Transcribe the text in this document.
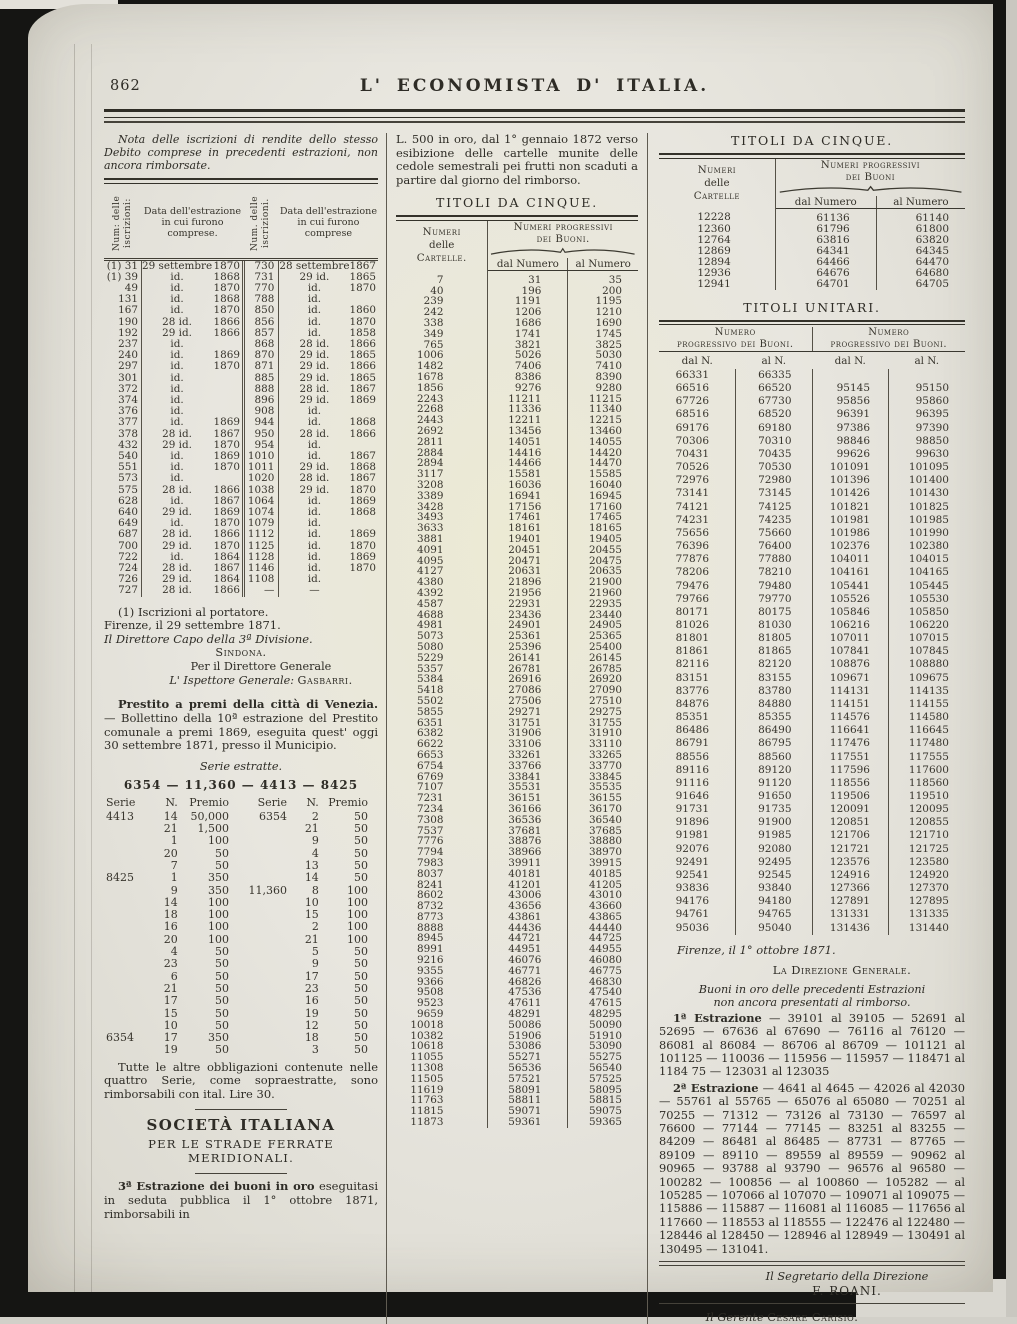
862	L' ECONOMISTA D' ITALIA.

Nota delle iscrizioni di rendite dello stesso Debito comprese in precedenti estrazioni, non ancora rimborsate.

Num: delle iscrizioni:	Data dell'estrazione in cui furono comprese.		Num. delle iscrizioni.	Data dell'estrazione in cui furono comprese	
(1) 31	29 settembre	1870	730	28 settembre	1867
(1) 39	id.	1868	731	29 id.	1865
49	id.	1870	770	id.	1870
131	id.	1868	788	id.	
167	id.	1870	850	id.	1860
190	28 id.	1866	856	id.	1870
192	29 id.	1866	857	id.	1858
237	id.		868	28 id.	1866
240	id.	1869	870	29 id.	1865
297	id.	1870	871	29 id.	1866
301	id.		885	29 id.	1865
372	id.		888	28 id.	1867
374	id.		896	29 id.	1869
376	id.		908	id.	
377	id.	1869	944	id.	1868
378	28 id.	1867	950	28 id.	1866
432	29 id.	1870	954	id.	
540	id.	1869	1010	id.	1867
551	id.	1870	1011	29 id.	1868
573	id.		1020	28 id.	1867
575	28 id.	1866	1038	29 id.	1870
628	id.	1867	1064	id.	1869
640	29 id.	1869	1074	id.	1868
649	id.	1870	1079	id.	
687	28 id.	1866	1112	id.	1869
700	29 id.	1870	1125	id.	1870
722	id.	1864	1128	id.	1869
724	28 id.	1867	1146	id.	1870
726	29 id.	1864	1108	id.	
727	28 id.	1866	—	—	

(1) Iscrizioni al portatore.

Firenze, il 29 settembre 1871.

Il Direttore Capo della 3ª Divisione.

Sindona.

Per il Direttore Generale

L' Ispettore Generale: Gasbarri.

Prestito a premi della città di Venezia. — Bollettino della 10ª estrazione del Prestito comunale a premi 1869, eseguita quest' oggi 30 settembre 1871, presso il Municipio.

Serie estratte.

6354 — 11,360 — 4413 — 8425

Serie	N.	Premio	Serie	N.	Premio
4413	14	50,000	6354	2	50
	21	1,500		21	50
	1	100		9	50
	20	50		4	50
	7	50		13	50
8425	1	350		14	50
	9	350	11,360	8	100
	14	100		10	100
	18	100		15	100
	16	100		2	100
	20	100		21	100
	4	50		5	50
	23	50		9	50
	6	50		17	50
	21	50		23	50
	17	50		16	50
	15	50		19	50
	10	50		12	50
6354	17	350		18	50
	19	50		3	50

Tutte le altre obbligazioni contenute nelle quattro Serie, come sopraestratte, sono rimborsabili con ital. Lire 30.

SOCIETÀ ITALIANA

PER LE STRADE FERRATE MERIDIONALI.

3ª Estrazione dei buoni in oro eseguitasi in seduta pubblica il 1° ottobre 1871, rimborsabili in

L. 500 in oro, dal 1° gennaio 1872 verso esibizione delle cartelle munite delle cedole semestrali pei frutti non scaduti a partire dal giorno del rimborso.

TITOLI DA CINQUE.

Numeri
delle
Cartelle.	Numeri progressivi
dei Buoni.	

	dal Numero	al Numero
7	31	35
40	196	200
239	1191	1195
242	1206	1210
338	1686	1690
349	1741	1745
765	3821	3825
1006	5026	5030
1482	7406	7410
1678	8386	8390
1856	9276	9280
2243	11211	11215
2268	11336	11340
2443	12211	12215
2692	13456	13460
2811	14051	14055
2884	14416	14420
2894	14466	14470
3117	15581	15585
3208	16036	16040
3389	16941	16945
3428	17156	17160
3493	17461	17465
3633	18161	18165
3881	19401	19405
4091	20451	20455
4095	20471	20475
4127	20631	20635
4380	21896	21900
4392	21956	21960
4587	22931	22935
4688	23436	23440
4981	24901	24905
5073	25361	25365
5080	25396	25400
5229	26141	26145
5357	26781	26785
5384	26916	26920
5418	27086	27090
5502	27506	27510
5855	29271	29275
6351	31751	31755
6382	31906	31910
6622	33106	33110
6653	33261	33265
6754	33766	33770
6769	33841	33845
7107	35531	35535
7231	36151	36155
7234	36166	36170
7308	36536	36540
7537	37681	37685
7776	38876	38880
7794	38966	38970
7983	39911	39915
8037	40181	40185
8241	41201	41205
8602	43006	43010
8732	43656	43660
8773	43861	43865
8888	44436	44440
8945	44721	44725
8991	44951	44955
9216	46076	46080
9355	46771	46775
9366	46826	46830
9508	47536	47540
9523	47611	47615
9659	48291	48295
10018	50086	50090
10382	51906	51910
10618	53086	53090
11055	55271	55275
11308	56536	56540
11505	57521	57525
11619	58091	58095
11763	58811	58815
11815	59071	59075
11873	59361	59365

TITOLI DA CINQUE.

Numeri
delle
Cartelle	Numeri progressivi
dei Buoni	

	dal Numero	al Numero
12228	61136	61140
12360	61796	61800
12764	63816	63820
12869	64341	64345
12894	64466	64470
12936	64676	64680
12941	64701	64705

TITOLI UNITARI.

Numero
progressivo dei Buoni.		Numero
progressivo dei Buoni.	
dal N.	al N.	dal N.	al N.
66331	66335		
66516	66520	95145	95150
67726	67730	95856	95860
68516	68520	96391	96395
69176	69180	97386	97390
70306	70310	98846	98850
70431	70435	99626	99630
70526	70530	101091	101095
72976	72980	101396	101400
73141	73145	101426	101430
74121	74125	101821	101825
74231	74235	101981	101985
75656	75660	101986	101990
76396	76400	102376	102380
77876	77880	104011	104015
78206	78210	104161	104165
79476	79480	105441	105445
79766	79770	105526	105530
80171	80175	105846	105850
81026	81030	106216	106220
81801	81805	107011	107015
81861	81865	107841	107845
82116	82120	108876	108880
83151	83155	109671	109675
83776	83780	114131	114135
84876	84880	114151	114155
85351	85355	114576	114580
86486	86490	116641	116645
86791	86795	117476	117480
88556	88560	117551	117555
89116	89120	117596	117600
91116	91120	118556	118560
91646	91650	119506	119510
91731	91735	120091	120095
91896	91900	120851	120855
91981	91985	121706	121710
92076	92080	121721	121725
92491	92495	123576	123580
92541	92545	124916	124920
93836	93840	127366	127370
94176	94180	127891	127895
94761	94765	131331	131335
95036	95040	131436	131440

Firenze, il 1° ottobre 1871.

La Direzione Generale.

Buoni in oro delle precedenti Estrazioni
non ancora presentati al rimborso.

1ª Estrazione — 39101 al 39105 — 52691 al 52695 — 67636 al 67690 — 76116 al 76120 — 86081 al 86084 — 86706 al 86709 — 101121 al 101125 — 110036 — 115956 — 115957 — 118471 al 1184 75 — 123031 al 123035

2ª Estrazione — 4641 al 4645 — 42026 al 42030 — 55761 al 55765 — 65076 al 65080 — 70251 al 70255 — 71312 — 73126 al 73130 — 76597 al 76600 — 77144 — 77145 — 83251 al 83255 — 84209 — 86481 al 86485 — 87731 — 87765 — 89109 — 89110 — 89559 al 89559 — 90962 al 90965 — 93788 al 93790 — 96576 al 96580 — 100282 — 100856 — al 100860 — 105282 — al 105285 — 107066 al 107070 — 109071 al 109075 — 115886 — 115887 — 116081 al 116085 — 117656 al 117660 — 118553 al 118555 — 122476 al 122480 — 128446 al 128450 — 128946 al 128949 — 130491 al 130495 — 131041.

Il Segretario della Direzione

F. ROANI.

Il Gerente Cesare Carisio.
